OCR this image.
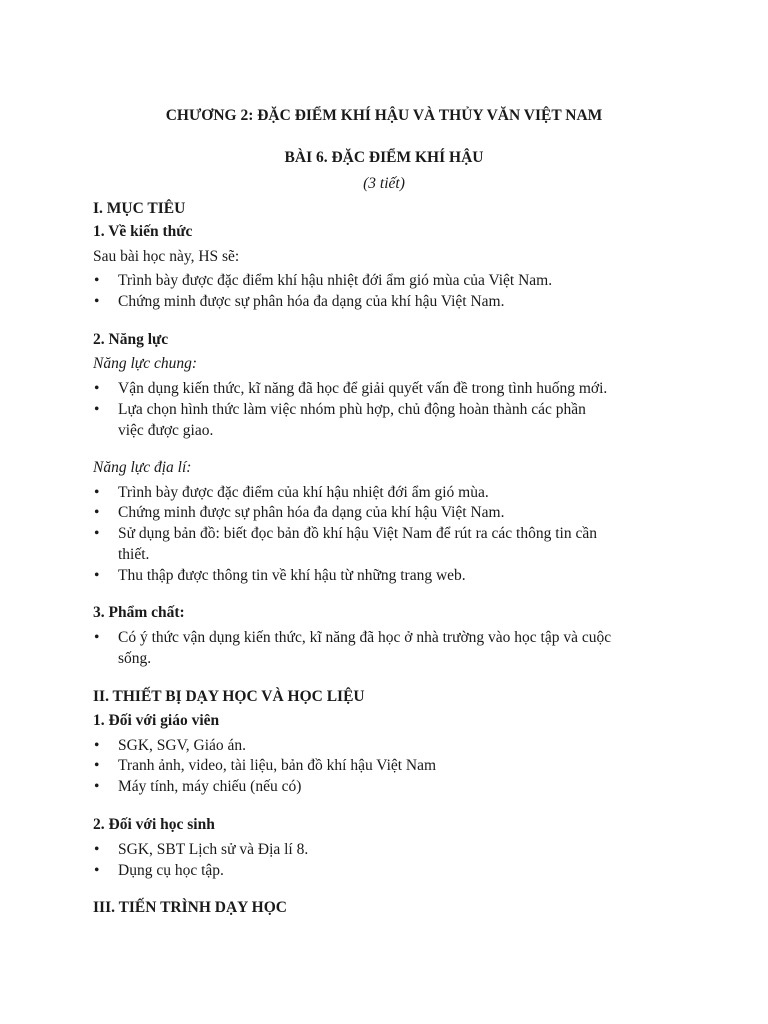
CHƯƠNG 2: ĐẶC ĐIỂM KHÍ HẬU VÀ THỦY VĂN VIỆT NAM
BÀI 6. ĐẶC ĐIỂM KHÍ HẬU
(3 tiết)
I. MỤC TIÊU
1. Về kiến thức
Sau bài học này, HS sẽ:
• Trình bày được đặc điểm khí hậu nhiệt đới ẩm gió mùa của Việt Nam.
• Chứng minh được sự phân hóa đa dạng của khí hậu Việt Nam.
2. Năng lực
Năng lực chung:
• Vận dụng kiến thức, kĩ năng đã học để giải quyết vấn đề trong tình huống mới.
• Lựa chọn hình thức làm việc nhóm phù hợp, chủ động hoàn thành các phần
việc được giao.
Năng lực địa lí:
• Trình bày được đặc điểm của khí hậu nhiệt đới ẩm gió mùa.
• Chứng minh được sự phân hóa đa dạng của khí hậu Việt Nam.
• Sử dụng bản đồ: biết đọc bản đồ khí hậu Việt Nam để rút ra các thông tin cần
thiết.
• Thu thập được thông tin về khí hậu từ những trang web.
3. Phẩm chất:
• Có ý thức vận dụng kiến thức, kĩ năng đã học ở nhà trường vào học tập và cuộc
sống.
II. THIẾT BỊ DẠY HỌC VÀ HỌC LIỆU
1. Đối với giáo viên
• SGK, SGV, Giáo án.
• Tranh ảnh, video, tài liệu, bản đồ khí hậu Việt Nam
• Máy tính, máy chiếu (nếu có)
2. Đối với học sinh
• SGK, SBT Lịch sử và Địa lí 8.
• Dụng cụ học tập.
III. TIẾN TRÌNH DẠY HỌC
